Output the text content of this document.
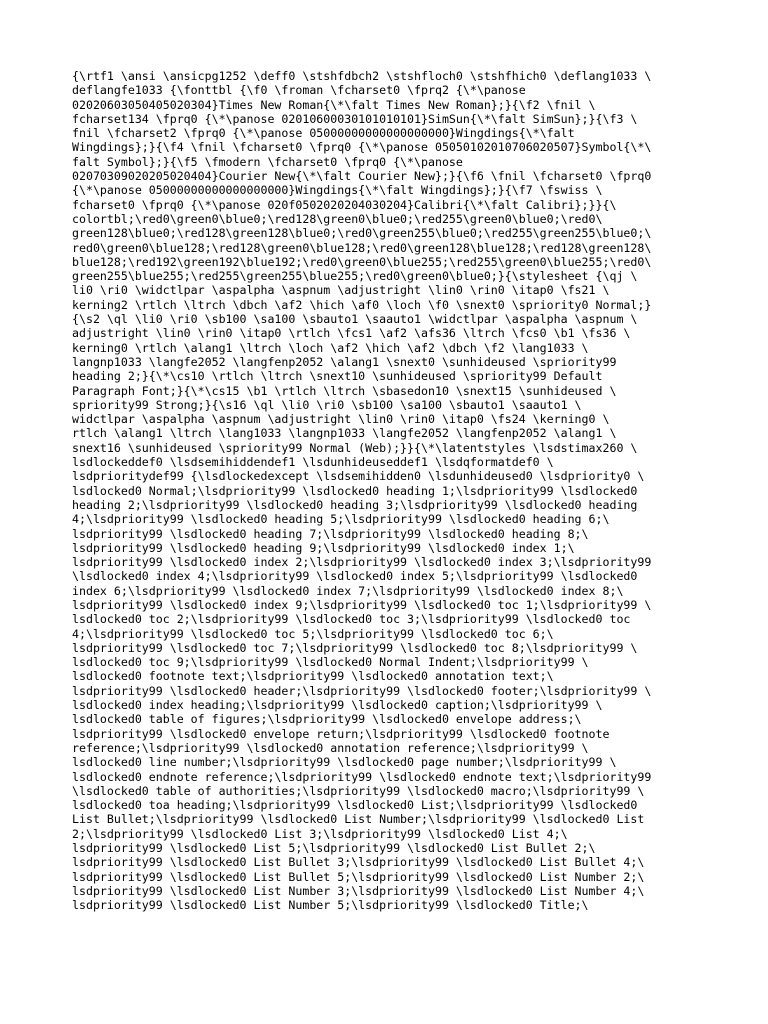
{\rtf1 \ansi \ansicpg1252 \deff0 \stshfdbch2 \stshfloch0 \stshfhich0 \deflang1033 \
deflangfe1033 {\fonttbl {\f0 \froman \fcharset0 \fprq2 {\*\panose
02020603050405020304}Times New Roman{\*\falt Times New Roman};}{\f2 \fnil \
fcharset134 \fprq0 {\*\panose 02010600030101010101}SimSun{\*\falt SimSun};}{\f3 \
fnil \fcharset2 \fprq0 {\*\panose 05000000000000000000}Wingdings{\*\falt
Wingdings};}{\f4 \fnil \fcharset0 \fprq0 {\*\panose 05050102010706020507}Symbol{\*\
falt Symbol};}{\f5 \fmodern \fcharset0 \fprq0 {\*\panose
02070309020205020404}Courier New{\*\falt Courier New};}{\f6 \fnil \fcharset0 \fprq0
{\*\panose 05000000000000000000}Wingdings{\*\falt Wingdings};}{\f7 \fswiss \
fcharset0 \fprq0 {\*\panose 020f0502020204030204}Calibri{\*\falt Calibri};}}{\
colortbl;\red0\green0\blue0;\red128\green0\blue0;\red255\green0\blue0;\red0\
green128\blue0;\red128\green128\blue0;\red0\green255\blue0;\red255\green255\blue0;\
red0\green0\blue128;\red128\green0\blue128;\red0\green128\blue128;\red128\green128\
blue128;\red192\green192\blue192;\red0\green0\blue255;\red255\green0\blue255;\red0\
green255\blue255;\red255\green255\blue255;\red0\green0\blue0;}{\stylesheet {\qj \
li0 \ri0 \widctlpar \aspalpha \aspnum \adjustright \lin0 \rin0 \itap0 \fs21 \
kerning2 \rtlch \ltrch \dbch \af2 \hich \af0 \loch \f0 \snext0 \spriority0 Normal;}
{\s2 \ql \li0 \ri0 \sb100 \sa100 \sbauto1 \saauto1 \widctlpar \aspalpha \aspnum \
adjustright \lin0 \rin0 \itap0 \rtlch \fcs1 \af2 \afs36 \ltrch \fcs0 \b1 \fs36 \
kerning0 \rtlch \alang1 \ltrch \loch \af2 \hich \af2 \dbch \f2 \lang1033 \
langnp1033 \langfe2052 \langfenp2052 \alang1 \snext0 \sunhideused \spriority99
heading 2;}{\*\cs10 \rtlch \ltrch \snext10 \sunhideused \spriority99 Default
Paragraph Font;}{\*\cs15 \b1 \rtlch \ltrch \sbasedon10 \snext15 \sunhideused \
spriority99 Strong;}{\s16 \ql \li0 \ri0 \sb100 \sa100 \sbauto1 \saauto1 \
widctlpar \aspalpha \aspnum \adjustright \lin0 \rin0 \itap0 \fs24 \kerning0 \
rtlch \alang1 \ltrch \lang1033 \langnp1033 \langfe2052 \langfenp2052 \alang1 \
snext16 \sunhideused \spriority99 Normal (Web);}}{\*\latentstyles \lsdstimax260 \
lsdlockeddef0 \lsdsemihiddendef1 \lsdunhideuseddef1 \lsdqformatdef0 \
lsdprioritydef99 {\lsdlockedexcept \lsdsemihidden0 \lsdunhideused0 \lsdpriority0 \
lsdlocked0 Normal;\lsdpriority99 \lsdlocked0 heading 1;\lsdpriority99 \lsdlocked0
heading 2;\lsdpriority99 \lsdlocked0 heading 3;\lsdpriority99 \lsdlocked0 heading
4;\lsdpriority99 \lsdlocked0 heading 5;\lsdpriority99 \lsdlocked0 heading 6;\
lsdpriority99 \lsdlocked0 heading 7;\lsdpriority99 \lsdlocked0 heading 8;\
lsdpriority99 \lsdlocked0 heading 9;\lsdpriority99 \lsdlocked0 index 1;\
lsdpriority99 \lsdlocked0 index 2;\lsdpriority99 \lsdlocked0 index 3;\lsdpriority99
\lsdlocked0 index 4;\lsdpriority99 \lsdlocked0 index 5;\lsdpriority99 \lsdlocked0
index 6;\lsdpriority99 \lsdlocked0 index 7;\lsdpriority99 \lsdlocked0 index 8;\
lsdpriority99 \lsdlocked0 index 9;\lsdpriority99 \lsdlocked0 toc 1;\lsdpriority99 \
lsdlocked0 toc 2;\lsdpriority99 \lsdlocked0 toc 3;\lsdpriority99 \lsdlocked0 toc
4;\lsdpriority99 \lsdlocked0 toc 5;\lsdpriority99 \lsdlocked0 toc 6;\
lsdpriority99 \lsdlocked0 toc 7;\lsdpriority99 \lsdlocked0 toc 8;\lsdpriority99 \
lsdlocked0 toc 9;\lsdpriority99 \lsdlocked0 Normal Indent;\lsdpriority99 \
lsdlocked0 footnote text;\lsdpriority99 \lsdlocked0 annotation text;\
lsdpriority99 \lsdlocked0 header;\lsdpriority99 \lsdlocked0 footer;\lsdpriority99 \
lsdlocked0 index heading;\lsdpriority99 \lsdlocked0 caption;\lsdpriority99 \
lsdlocked0 table of figures;\lsdpriority99 \lsdlocked0 envelope address;\
lsdpriority99 \lsdlocked0 envelope return;\lsdpriority99 \lsdlocked0 footnote
reference;\lsdpriority99 \lsdlocked0 annotation reference;\lsdpriority99 \
lsdlocked0 line number;\lsdpriority99 \lsdlocked0 page number;\lsdpriority99 \
lsdlocked0 endnote reference;\lsdpriority99 \lsdlocked0 endnote text;\lsdpriority99
\lsdlocked0 table of authorities;\lsdpriority99 \lsdlocked0 macro;\lsdpriority99 \
lsdlocked0 toa heading;\lsdpriority99 \lsdlocked0 List;\lsdpriority99 \lsdlocked0
List Bullet;\lsdpriority99 \lsdlocked0 List Number;\lsdpriority99 \lsdlocked0 List
2;\lsdpriority99 \lsdlocked0 List 3;\lsdpriority99 \lsdlocked0 List 4;\
lsdpriority99 \lsdlocked0 List 5;\lsdpriority99 \lsdlocked0 List Bullet 2;\
lsdpriority99 \lsdlocked0 List Bullet 3;\lsdpriority99 \lsdlocked0 List Bullet 4;\
lsdpriority99 \lsdlocked0 List Bullet 5;\lsdpriority99 \lsdlocked0 List Number 2;\
lsdpriority99 \lsdlocked0 List Number 3;\lsdpriority99 \lsdlocked0 List Number 4;\
lsdpriority99 \lsdlocked0 List Number 5;\lsdpriority99 \lsdlocked0 Title;\
